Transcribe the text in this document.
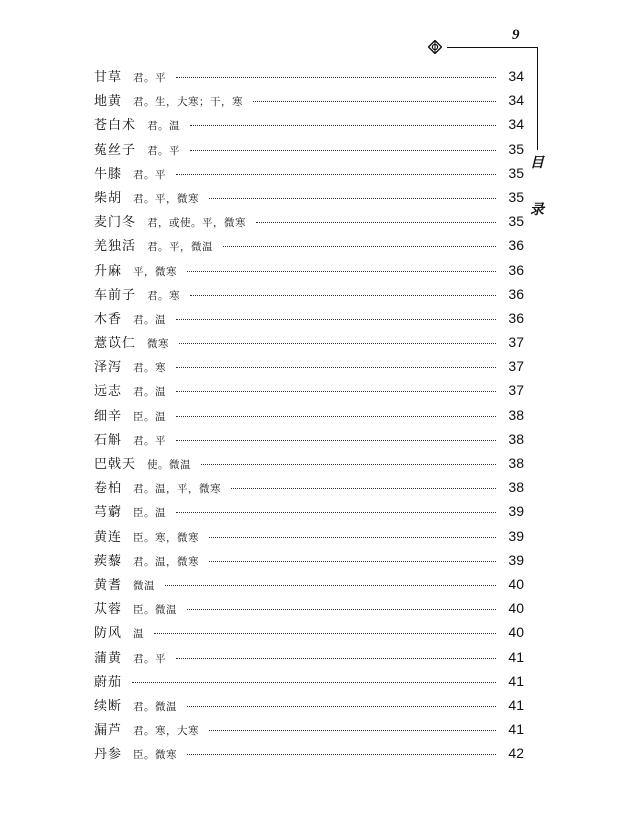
9
目
录
甘草 君。平	34
地黄 君。生，大寒；干，寒	34
苍白术 君。温	34
菟丝子 君。平	35
牛膝 君。平	35
柴胡 君。平，微寒	35
麦门冬 君，或使。平，微寒	35
羌独活 君。平，微温	36
升麻 平，微寒	36
车前子 君。寒	36
木香 君。温	36
薏苡仁 微寒	37
泽泻 君。寒	37
远志 君。温	37
细辛 臣。温	38
石斛 君。平	38
巴戟天 使。微温	38
卷柏 君。温，平，微寒	38
芎藭 臣。温	39
黄连 臣。寒，微寒	39
蒺藜 君。温，微寒	39
黄耆 微温	40
苁蓉 臣。微温	40
防风 温	40
蒲黄 君。平	41
蔚茄	41
续断 君。微温	41
漏芦 君。寒，大寒	41
丹参 臣。微寒	42
